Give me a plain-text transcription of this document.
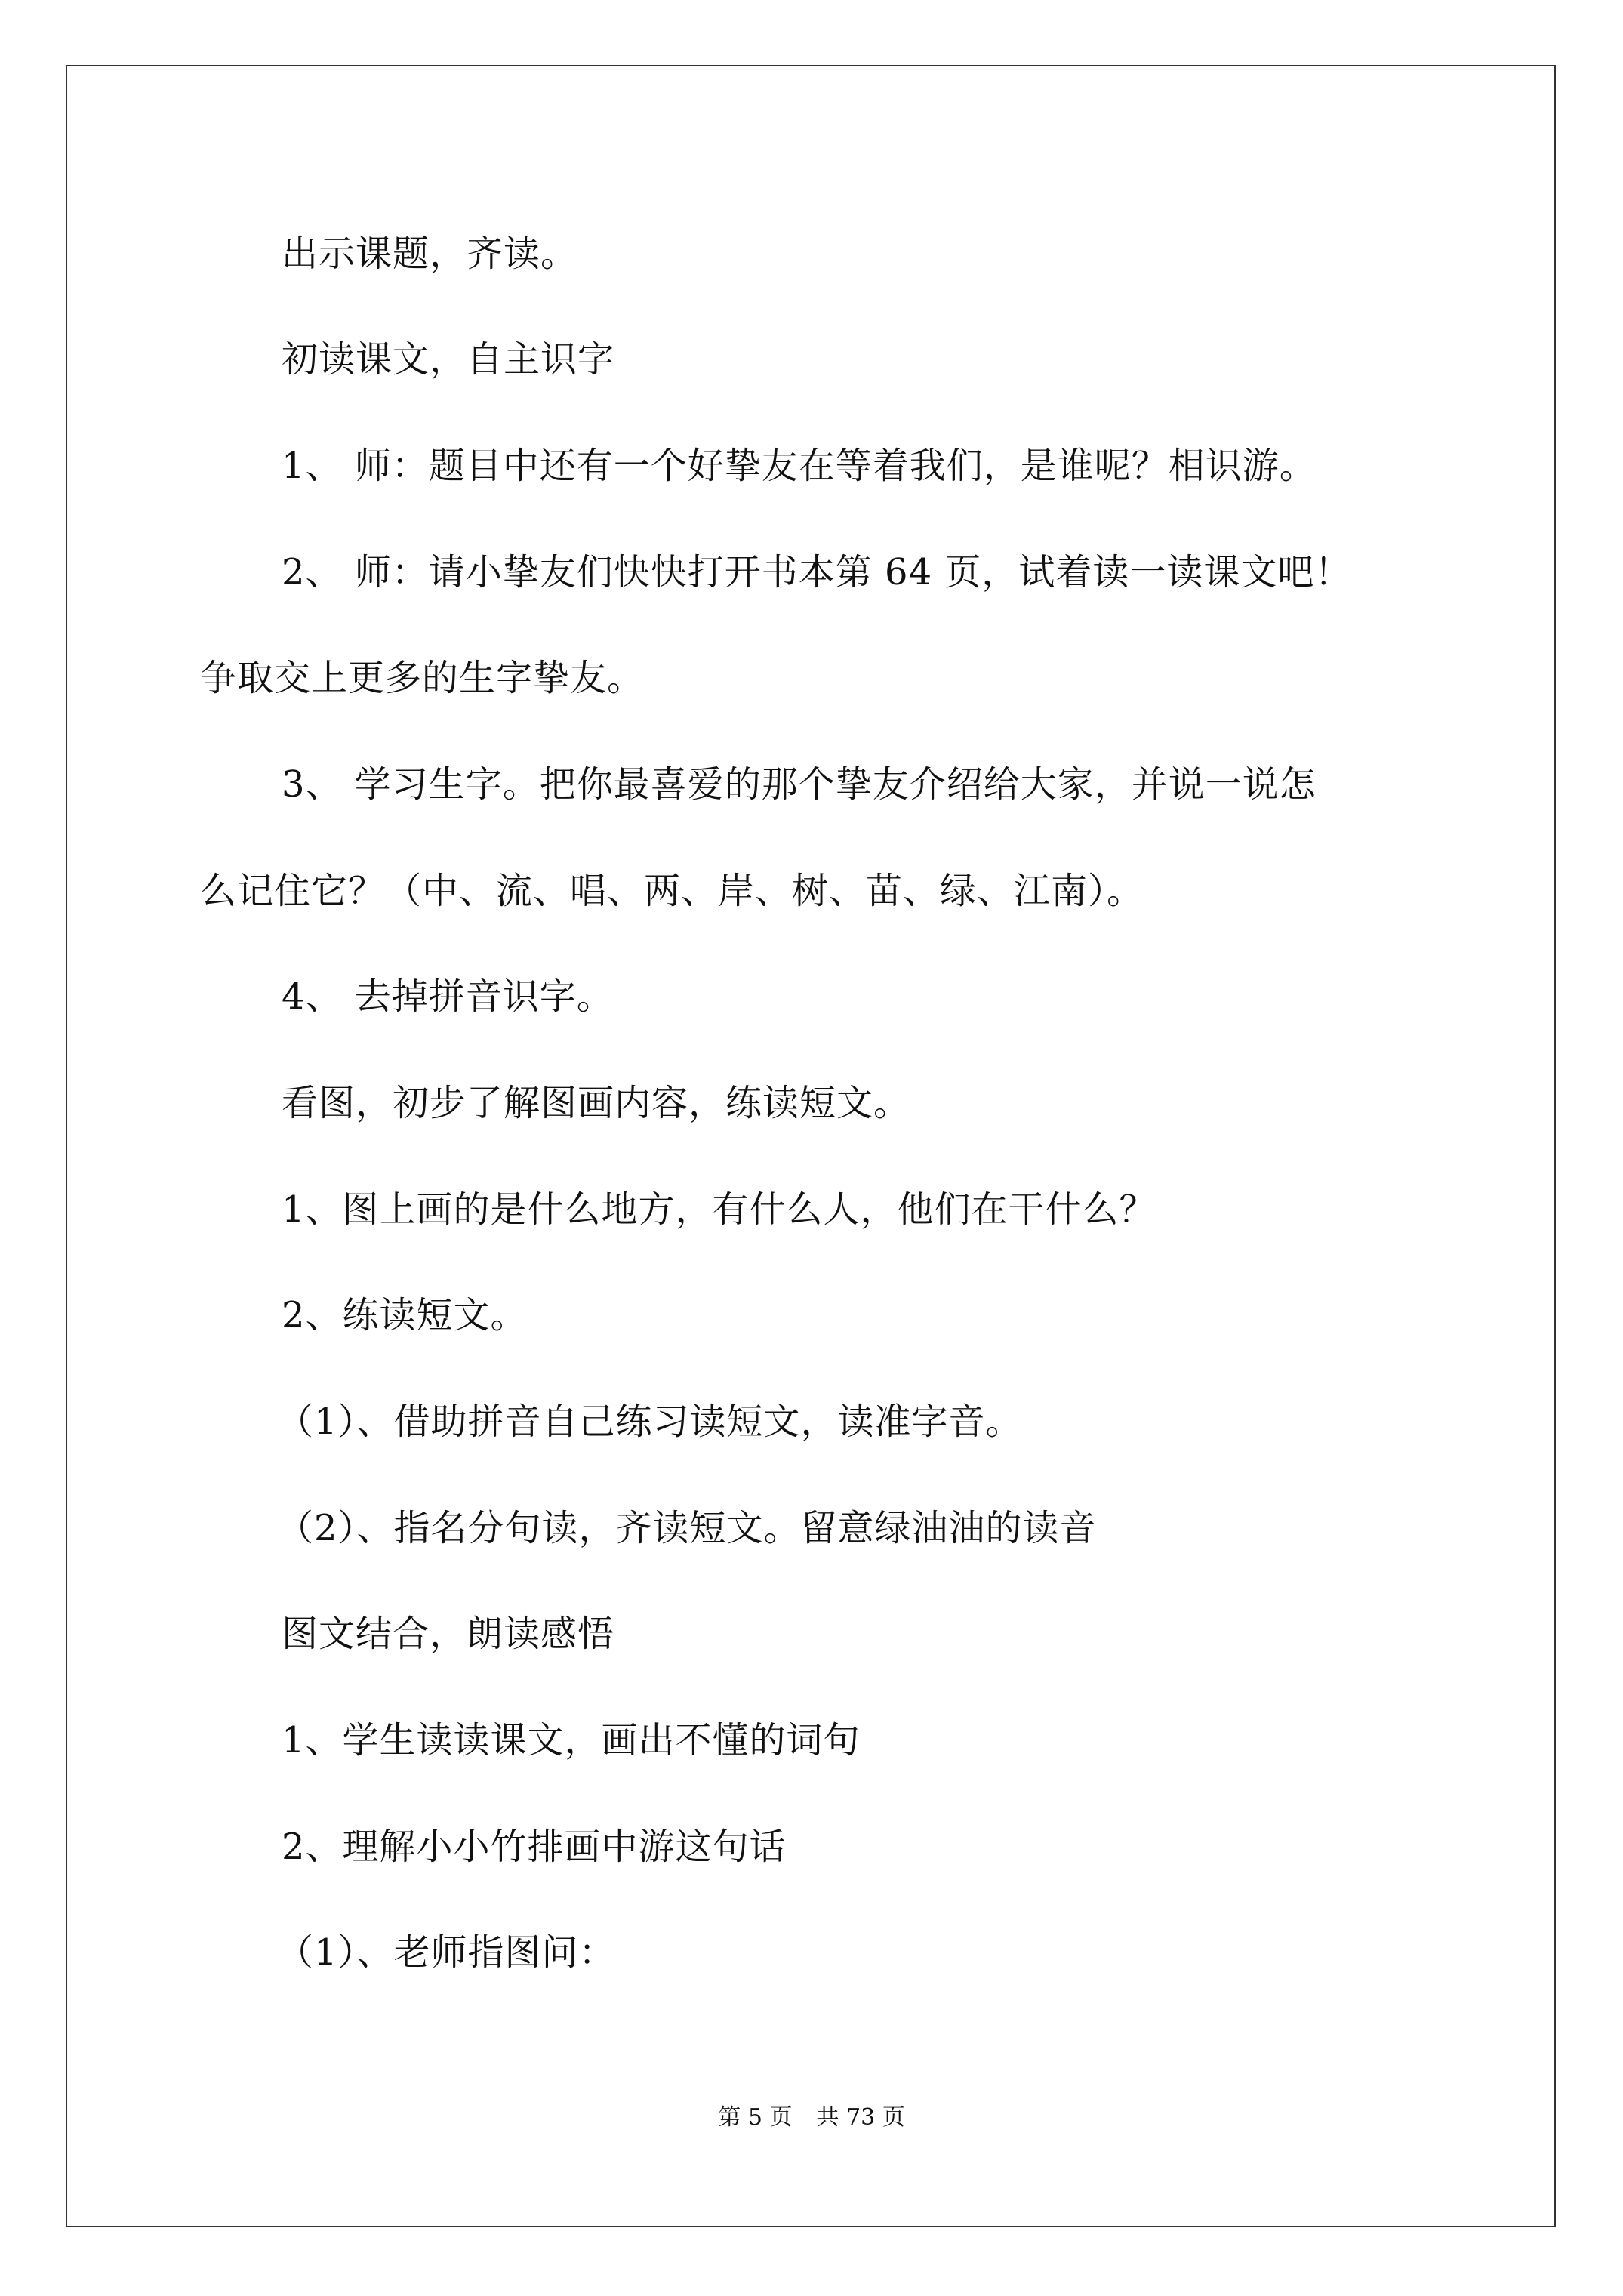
出示课题，齐读。
初读课文，自主识字
1、 师：题目中还有一个好挚友在等着我们，是谁呢？相识游。
2、 师：请小挚友们快快打开书本第 64 页，试着读一读课文吧！
争取交上更多的生字挚友。
3、 学习生字。把你最喜爱的那个挚友介绍给大家，并说一说怎
么记住它？（中、流、唱、两、岸、树、苗、绿、江南）。
4、 去掉拼音识字。
看图，初步了解图画内容，练读短文。
1、图上画的是什么地方，有什么人，他们在干什么？
2、练读短文。
（1）、借助拼音自己练习读短文，读准字音。
（2）、指名分句读，齐读短文。留意绿油油的读音
图文结合，朗读感悟
1、学生读读课文，画出不懂的词句
2、理解小小竹排画中游这句话
（1）、老师指图问：
第 5 页 共 73 页
